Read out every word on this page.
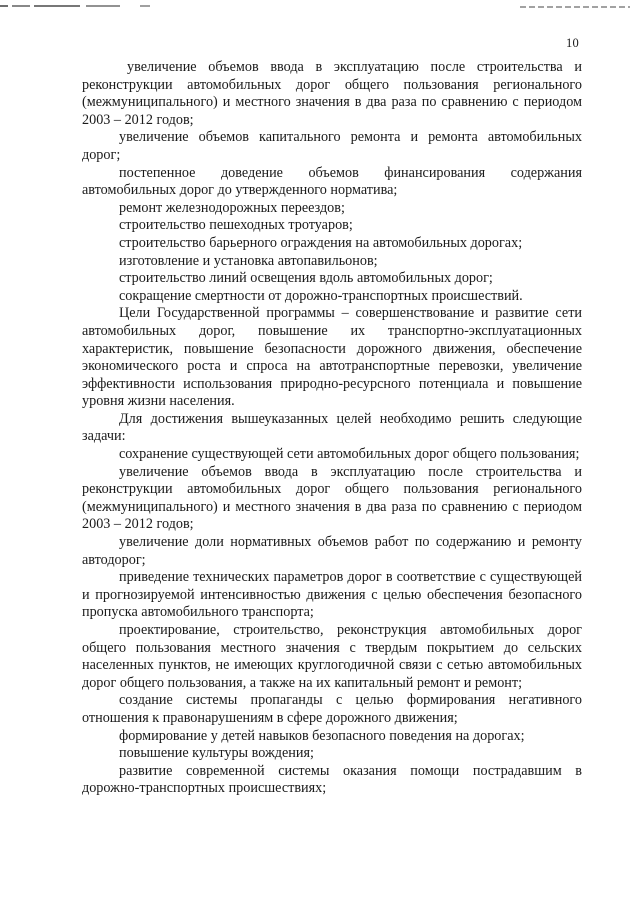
10

увеличение объемов ввода в эксплуатацию после строительства и реконструкции автомобильных дорог общего пользования регионального (межмуниципального) и местного значения в два раза по сравнению с периодом 2003 – 2012 годов;

увеличение объемов капитального ремонта и ремонта автомобильных дорог;

постепенное доведение объемов финансирования содержания автомобильных дорог до утвержденного норматива;

ремонт железнодорожных переездов;

строительство пешеходных тротуаров;

строительство барьерного ограждения на автомобильных дорогах;

изготовление и установка автопавильонов;

строительство линий освещения вдоль автомобильных дорог;

сокращение смертности от дорожно-транспортных происшествий.

Цели Государственной программы – совершенствование и развитие сети автомобильных дорог, повышение их транспортно-эксплуатационных характеристик, повышение безопасности дорожного движения, обеспечение экономического роста и спроса на автотранспортные перевозки, увеличение эффективности использования природно-ресурсного потенциала и повышение уровня жизни населения.

Для достижения вышеуказанных целей необходимо решить следующие задачи:

сохранение существующей сети автомобильных дорог общего пользования;

увеличение объемов ввода в эксплуатацию после строительства и реконструкции автомобильных дорог общего пользования регионального (межмуниципального) и местного значения в два раза по сравнению с периодом 2003 – 2012 годов;

увеличение доли нормативных объемов работ по содержанию и ремонту автодорог;

приведение технических параметров дорог в соответствие с существующей и прогнозируемой интенсивностью движения с целью обеспечения безопасного пропуска автомобильного транспорта;

проектирование, строительство, реконструкция автомобильных дорог общего пользования местного значения с твердым покрытием до сельских населенных пунктов, не имеющих круглогодичной связи с сетью автомобильных дорог общего пользования, а также на их капитальный ремонт и ремонт;

создание системы пропаганды с целью формирования негативного отношения к правонарушениям в сфере дорожного движения;

формирование у детей навыков безопасного поведения на дорогах;

повышение культуры вождения;

развитие современной системы оказания помощи пострадавшим в дорожно-транспортных происшествиях;
